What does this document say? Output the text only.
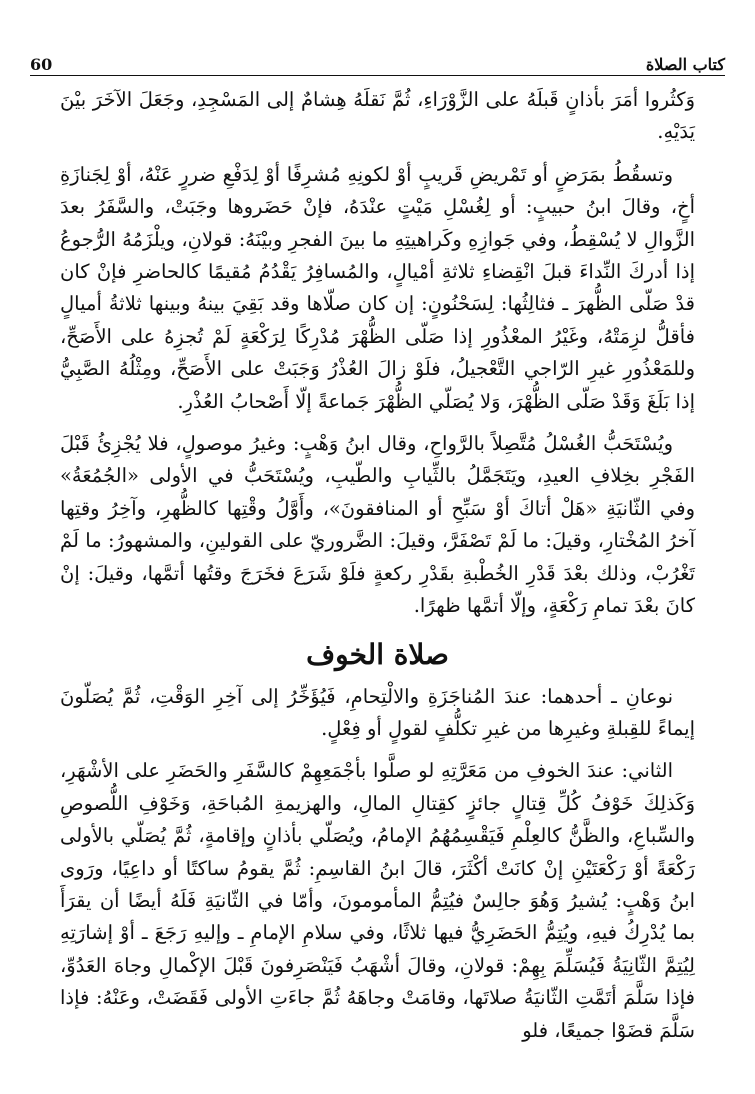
60	كتاب الصلاة

وَكثُروا أمَرَ بأذانٍ قَبلَهُ على الزَّوْرَاءِ، ثُمَّ نَقلَهُ هِشامٌ إلى المَسْجِدِ، وجَعَلَ الآخَرَ بيْنَ يَدَيْهِ.

وتسقُطُ بمَرَضٍ أو تَمْريضِ قَريبٍ أوْ لكونِهِ مُشرِفًا أوْ لِدَفْعِ ضررٍ عَنْهُ، أوْ لِجَنازَةِ أخٍ، وقالَ ابنُ حبيبٍ: أو لِغُسْلِ مَيْتٍ عنْدَهُ، فإنْ حَضَروها وجَبَتْ، والسَّفَرُ بعدَ الزَّوالِ لا يُسْقِطُ، وفي جَوازِهِ وكَراهيتِهِ ما بينَ الفجرِ وبيْنَهُ: قولانِ، ويلْزَمُهُ الرُّجوعُ إذا أدركَ النِّداءَ قبلَ انْقِضاءِ ثلاثةِ أمْيالٍ، والمُسافِرُ يَقْدُمُ مُقيمًا كالحاضرِ فإنْ كان قدْ صَلّى الظُّهرَ ـ فثالِثُها: لِسَحْنُونٍ: إن كان صلّاها وقد بَقِيَ بينهُ وبينها ثلاثةُ أميالٍ فأقلُّ لزِمَتْهُ، وغَيْرُ المعْذُورِ إذا صَلّى الظُّهْرَ مُدْرِكًا لِرَكْعَةٍ لَمْ تُجزِهُ على الأَصَحِّ، وللمَعْذُورِ غيرِ الرّاجي التَّعْجيلُ، فلَوْ زالَ العُذْرُ وَجَبَتْ على الأَصَحِّ، ومِثْلُهُ الصَّبِيُّ إذا بَلَغَ وَقَدْ صَلّى الظُّهْرَ، وَلا يُصَلّي الظُّهْرَ جَماعةً إلّا أَصْحابُ العُذْرِ.

ويُسْتَحَبُّ الغُسْلُ مُتَّصِلاً بالرَّواحِ، وقال ابنُ وَهْبٍ: وغيرُ موصولٍ، فلا يُجْزِئُ قَبْلَ الفَجْرِ بخِلافِ العيدِ، ويَتَجَمَّلُ بالثِّيابِ والطّيبِ، ويُسْتَحَبُّ في الأولى «الجُمُعَةُ» وفي الثّانيَةِ «هَلْ أتاكَ أوْ سَبِّحِ أو المنافقونَ»، وأَوَّلُ وقْتِها كالظُّهرِ، وآخِرُ وقتِها آخرُ المُخْتارِ، وقيلَ: ما لَمْ تَصْفَرَّ، وقيلَ: الضَّروريّ على القولينِ، والمشهورُ: ما لَمْ تَغْرُبْ، وذلك بعْدَ قَدْرِ الخُطْبةِ بقَدْرِ ركعةٍ فلَوْ شَرَعَ فخَرَجَ وقتُها أتمَّها، وقيلَ: إنْ كانَ بعْدَ تمامِ رَكْعَةٍ، وإلّا أتمَّها ظهرًا.

صلاة الخوف

نوعانِ ـ أحدهما: عندَ المُناجَزَةِ والالْتِحامِ، فَيُؤَخِّرُ إلى آخِرِ الوَقْتِ، ثُمَّ يُصَلّونَ إيماءً للقِبلةِ وغيرِها من غيرِ تكلُّفٍ لقولٍ أو فِعْلٍ.

الثاني: عندَ الخوفِ من مَعَرَّتِهِ لو صلَّوا بأجْمَعِهِمْ كالسَّفَرِ والحَضَرِ على الأشْهَرِ، وَكَذلِكَ خَوْفُ كُلِّ قِتالٍ جائزٍ كقِتالِ المالِ، والهزيمةِ المُباحَةِ، وَخَوْفِ اللُّصوصِ والسِّباعِ، والظَّنُّ كالعِلْمِ فَيَقْسِمُهُمُ الإمامُ، ويُصَلّي بأذانٍ وإقامةٍ، ثُمَّ يُصَلّي بالأولى رَكْعَةً أوْ رَكْعَتَيْنِ إنْ كانَتْ أكْثَرَ، قالَ ابنُ القاسِمِ: ثُمَّ يقومُ ساكتًا أو داعِيًا، ورَوى ابنُ وَهْبٍ: يُشيرُ وَهُوَ جالِسٌ فيُتِمُّ المأمومونَ، وأمّا في الثّانيَةِ فَلَهُ أيضًا أن يقرَأَ بما يُدْرِكُ فيهِ، ويُتِمُّ الحَضَرِيُّ فيها ثلاثًا، وفي سلامِ الإمامِ ـ وإليهِ رَجَعَ ـ أوْ إشارَتِهِ لِيُتِمَّ الثّانِيَةُ فَيُسَلِّمَ بِهِمْ: قولانِ، وقالَ أشْهَبُ فَيَنْصَرِفونَ قَبْلَ الإكْمالِ وجاهَ العَدُوِّ، فإذا سَلَّمَ أتَمَّتِ الثّانيَةُ صلاتَها، وقامَتْ وجاهَهُ ثُمَّ جاءَتِ الأولى فَقَضَتْ، وعَنْهُ: فإذا سَلَّمَ قضَوْا جميعًا، فلو
